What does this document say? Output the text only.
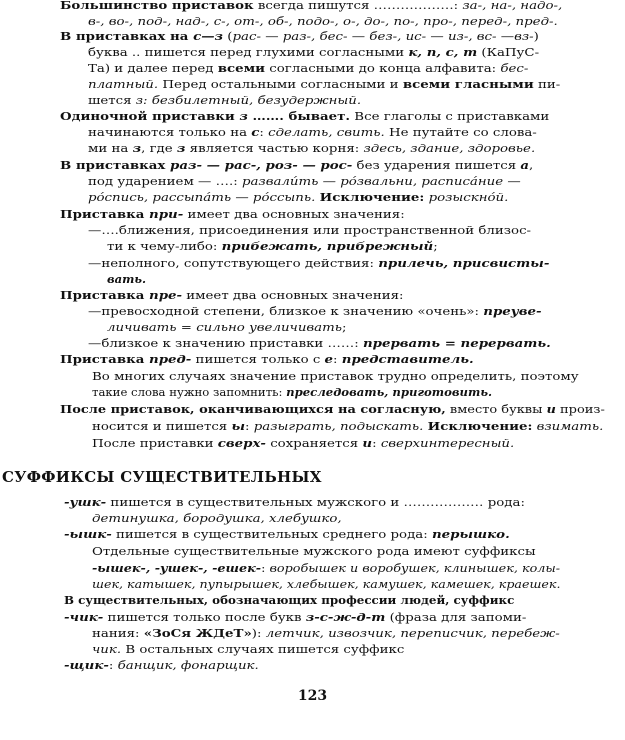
СУФФИКСЫ СУЩЕСТВИТЕЛЬНЫХ
123
Большинство приставок всегда пишутся ………………: за-, на-, надо-,
в-, во-, под-, над-, с-, от-, об-, подо-, о-, до-, по-, про-, перед-, пред-.
В приставках на с—з (рас- — раз-, бес- — без-, ис- — из-, вс- —вз-)
буква .. пишется перед глухими согласными к, п, с, т (КаПуС-
Та) и далее перед всеми согласными до конца алфавита: бес-
платный. Перед остальными согласными и всеми гласными пи-
шется з: безбилетный, безудержный.
Одиночной приставки з ……. бывает. Все глаголы с приставками
начинаются только на с: сделать, свить. Не путайте со слова-
ми на з, где з является частью корня: здесь, здание, здоровье.
В приставках раз- — рас-, роз- — рос- без ударения пишется а,
под ударением — ….: развали́ть — ро́звальни, расписа́ние —
ро́спись, рассыпа́ть — ро́ссыпь. Исключение: розыскно́й.
Приставка при- имеет два основных значения:
—….ближения, присоединения или пространственной близос-
ти к чему-либо: прибежать, прибрежный;
—неполного, сопутствующего действия: прилечь, присвисты-
вать.
Приставка пре- имеет два основных значения:
—превосходной степени, близкое к значению «очень»: преуве-
личивать = сильно увеличивать;
—близкое к значению приставки ……: прервать = перервать.
Приставка пред- пишется только с е: представитель.
Во многих случаях значение приставок трудно определить, поэтому
такие слова нужно запомнить: преследовать, приготовить.
После приставок, оканчивающихся на согласную, вместо буквы и произ-
носится и пишется ы: разыграть, подыскать. Исключение: взимать.
После приставки сверх- сохраняется и: сверхинтересный.
-ушк- пишется в существительных мужского и ……………… рода:
детинушка, бородушка, хлебушко,
-ышк- пишется в существительных среднего рода: перышко.
Отдельные существительные мужского рода имеют суффиксы
-ышек-, -ушек-, -ешек-: воробышек и воробушек, клинышек, колы-
шек, катышек, пупырышек, хлебышек, камушек, камешек, краешек.
В существительных, обозначающих профессии людей, суффикс
-чик- пишется только после букв з-с-ж-д-т (фраза для запоми-
нания: «ЗоСя ЖДеТ»): летчик, извозчик, переписчик, перебеж-
чик. В остальных случаях пишется суффикс
-щик-: банщик, фонарщик.
